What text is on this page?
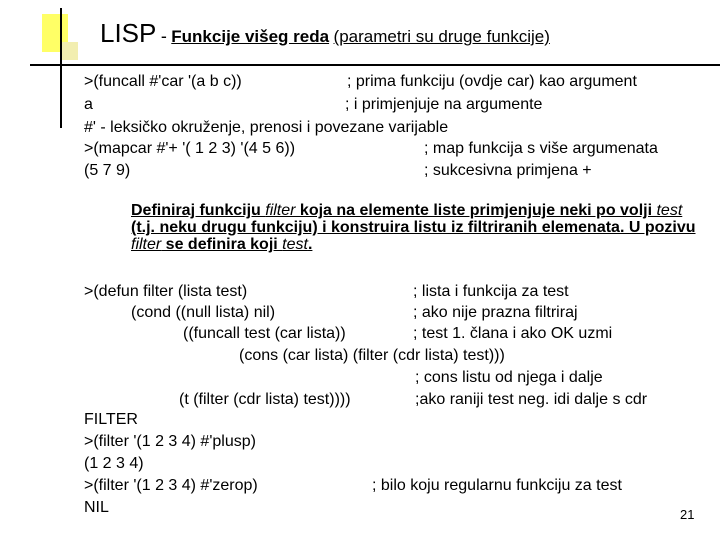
LISP - Funkcije višeg reda (parametri su druge funkcije)
>(funcall #'car '(a b c))	; prima funkciju (ovdje car) kao argument
a	; i primjenjuje na argumente
#' - leksičko okruženje, prenosi i povezane varijable
>(mapcar #'+ '( 1 2 3) '(4 5 6))	; map funkcija s više argumenata
(5 7 9)	; sukcesivna primjena +
Definiraj funkciju filter koja na elemente liste primjenjuje neki po volji test (t.j. neku drugu funkciju) i konstruira listu iz filtriranih elemenata. U pozivu filter se definira koji test.
>(defun filter (lista test)	; lista i funkcija za test
(cond ((null lista) nil)	; ako nije prazna filtriraj
((funcall test (car lista))	; test 1. člana i ako OK uzmi
(cons (car lista) (filter (cdr lista) test)))
; cons listu od njega i dalje
(t (filter (cdr lista) test))))	;ako raniji test neg. idi dalje s cdr
FILTER
>(filter '(1 2 3 4) #'plusp)
(1 2 3 4)
>(filter '(1 2 3 4) #'zerop)	; bilo koju regularnu funkciju za test
NIL	21
